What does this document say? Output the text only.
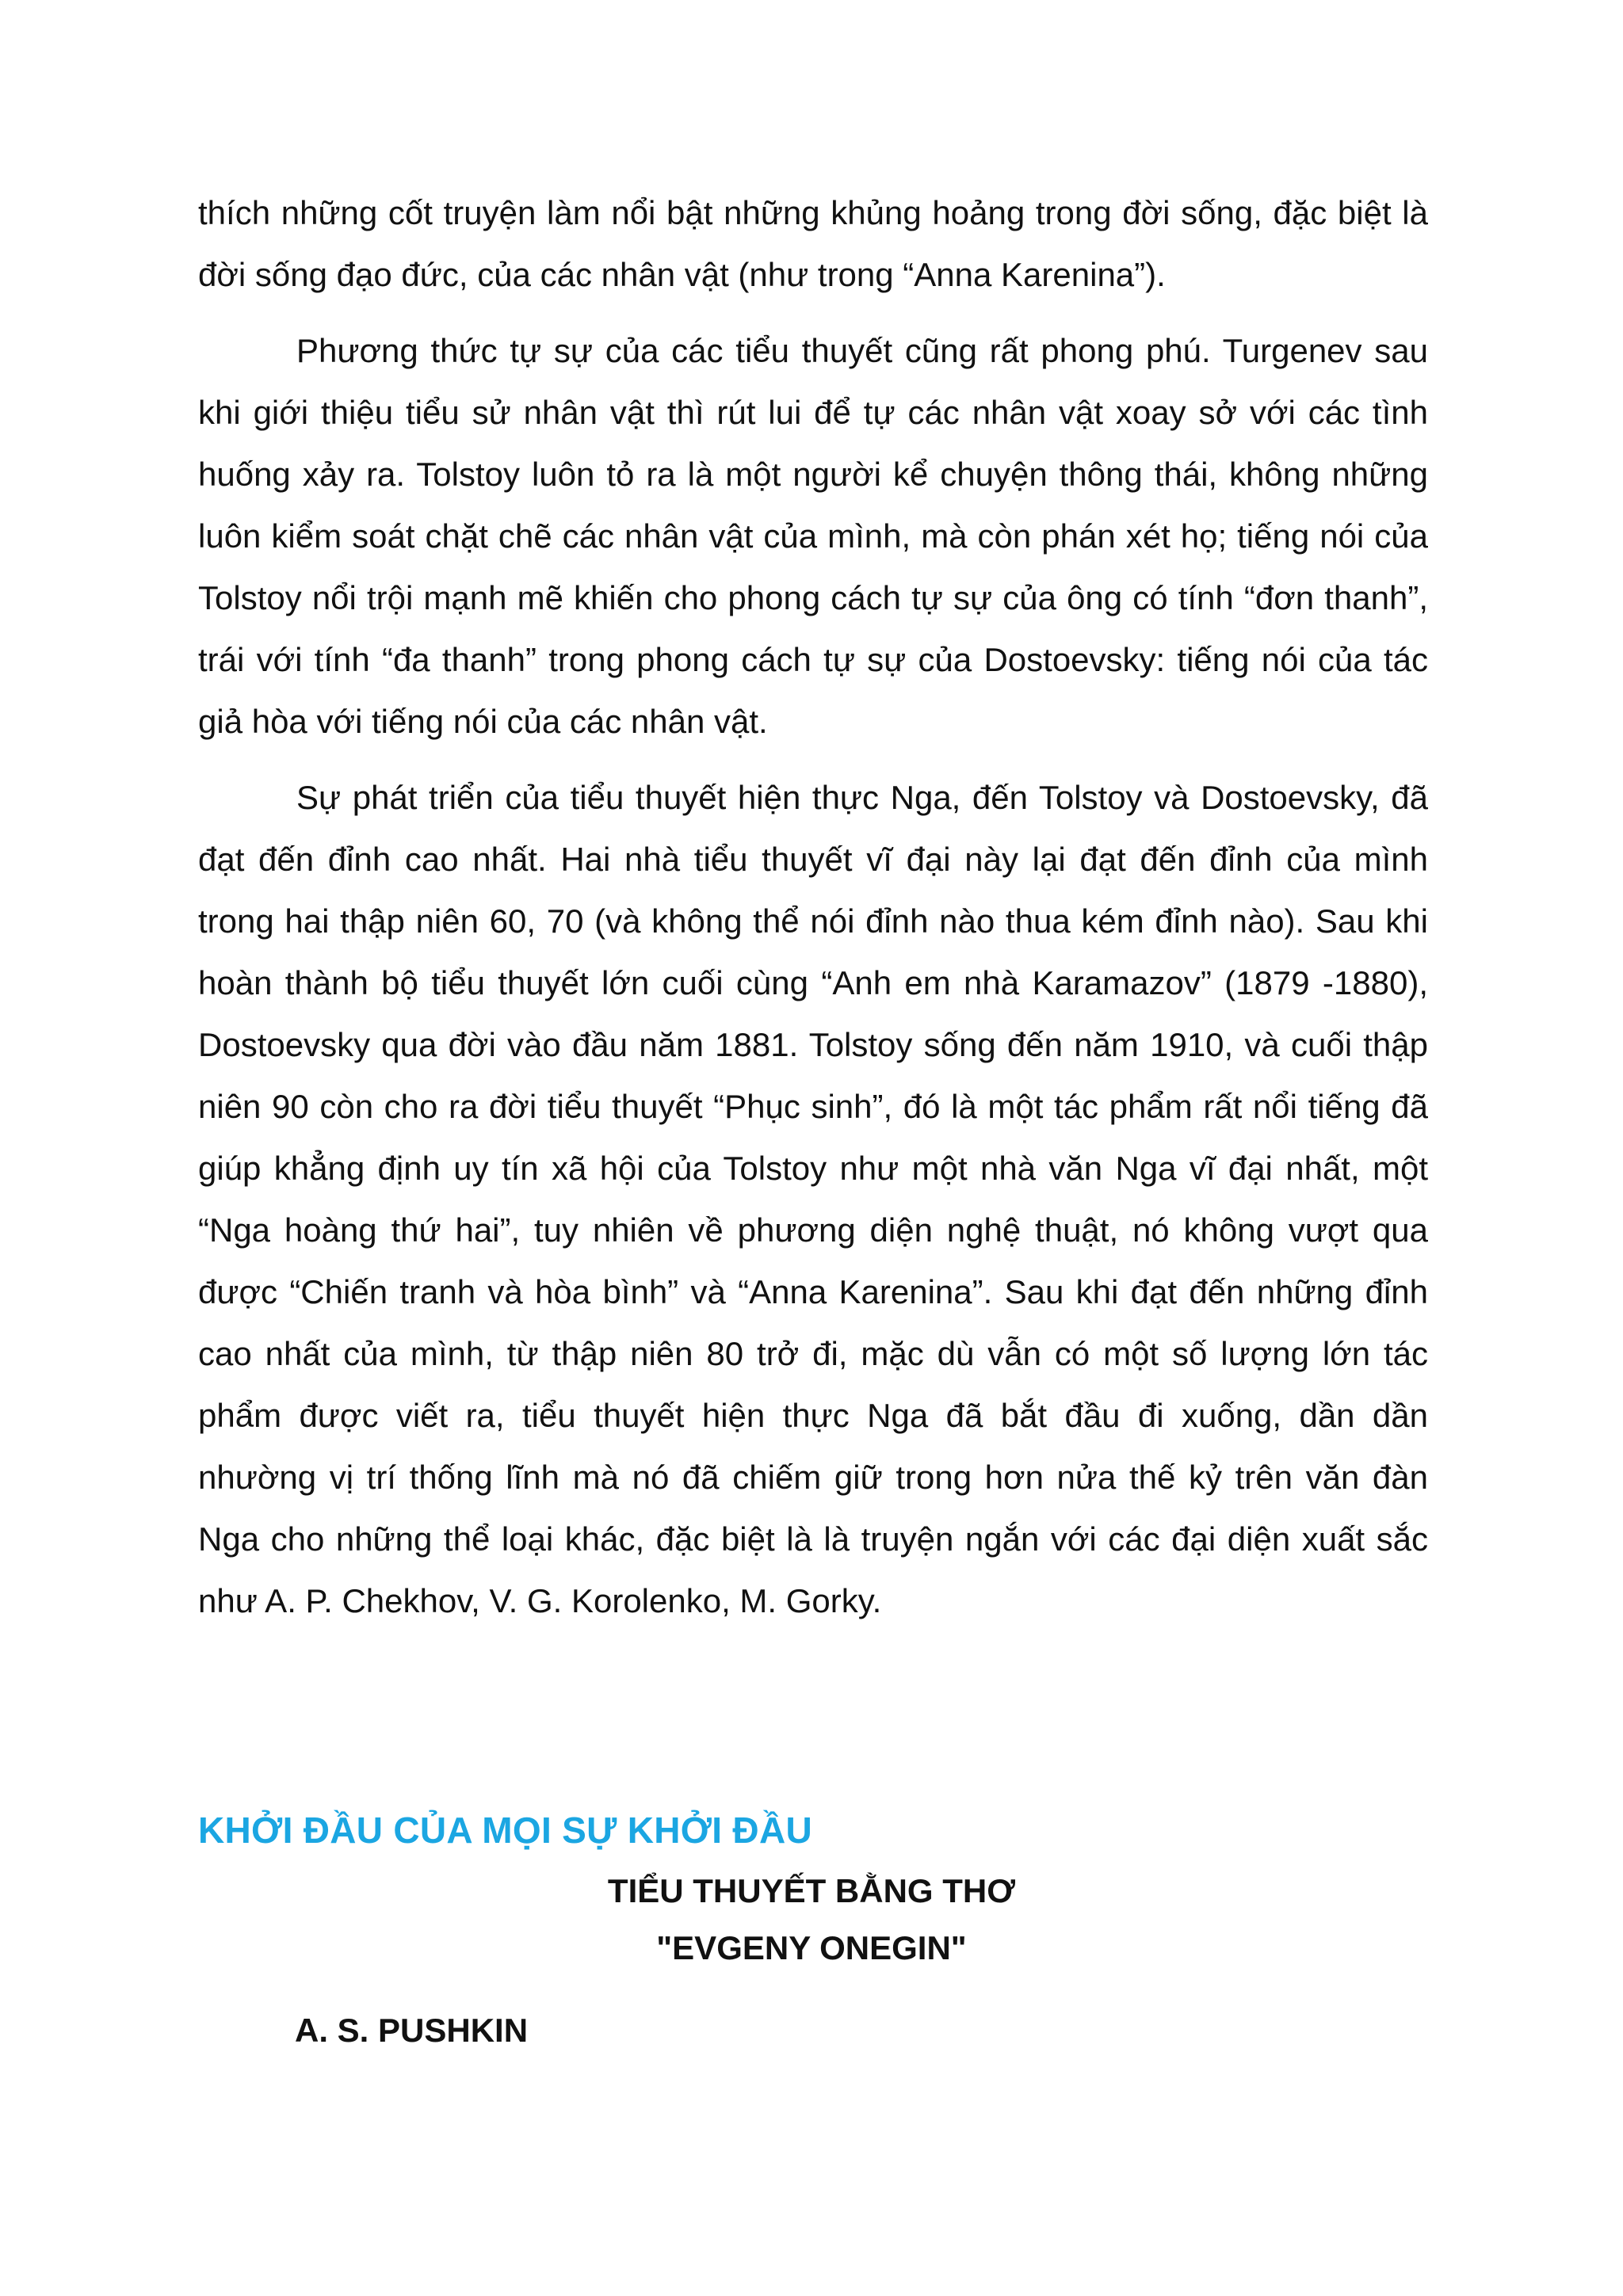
thích những cốt truyện làm nổi bật những khủng hoảng trong đời sống, đặc biệt là đời sống đạo đức, của các nhân vật (như trong “Anna Karenina”).

Phương thức tự sự của các tiểu thuyết cũng rất phong phú. Turgenev sau khi giới thiệu tiểu sử nhân vật thì rút lui để tự các nhân vật xoay sở với các tình huống xảy ra. Tolstoy luôn tỏ ra là một người kể chuyện thông thái, không những luôn kiểm soát chặt chẽ các nhân vật của mình, mà còn phán xét họ; tiếng nói của Tolstoy nổi trội mạnh mẽ khiến cho phong cách tự sự của ông có tính “đơn thanh”, trái với tính “đa thanh” trong phong cách tự sự của Dostoevsky: tiếng nói của tác giả hòa với tiếng nói của các nhân vật.

Sự phát triển của tiểu thuyết hiện thực Nga, đến Tolstoy và Dostoevsky, đã đạt đến đỉnh cao nhất. Hai nhà tiểu thuyết vĩ đại này lại đạt đến đỉnh của mình trong hai thập niên 60, 70 (và không thể nói đỉnh nào thua kém đỉnh nào). Sau khi hoàn thành bộ tiểu thuyết lớn cuối cùng “Anh em nhà Karamazov” (1879 -1880), Dostoevsky qua đời vào đầu năm 1881. Tolstoy sống đến năm 1910, và cuối thập niên 90 còn cho ra đời tiểu thuyết “Phục sinh”, đó là một tác phẩm rất nổi tiếng đã giúp khẳng định uy tín xã hội của Tolstoy như một nhà văn Nga vĩ đại nhất, một “Nga hoàng thứ hai”, tuy nhiên về phương diện nghệ thuật, nó không vượt qua được “Chiến tranh và hòa bình” và “Anna Karenina”. Sau khi đạt đến những đỉnh cao nhất của mình, từ thập niên 80 trở đi, mặc dù vẫn có một số lượng lớn tác phẩm được viết ra, tiểu thuyết hiện thực Nga đã bắt đầu đi xuống, dần dần nhường vị trí thống lĩnh mà nó đã chiếm giữ trong hơn nửa thế kỷ trên văn đàn Nga cho những thể loại khác, đặc biệt là là truyện ngắn với các đại diện xuất sắc như A. P. Chekhov, V. G. Korolenko, M. Gorky.

KHỞI ĐẦU CỦA MỌI SỰ KHỞI ĐẦU

TIỂU THUYẾT BẰNG THƠ

"EVGENY ONEGIN"

A. S. PUSHKIN
